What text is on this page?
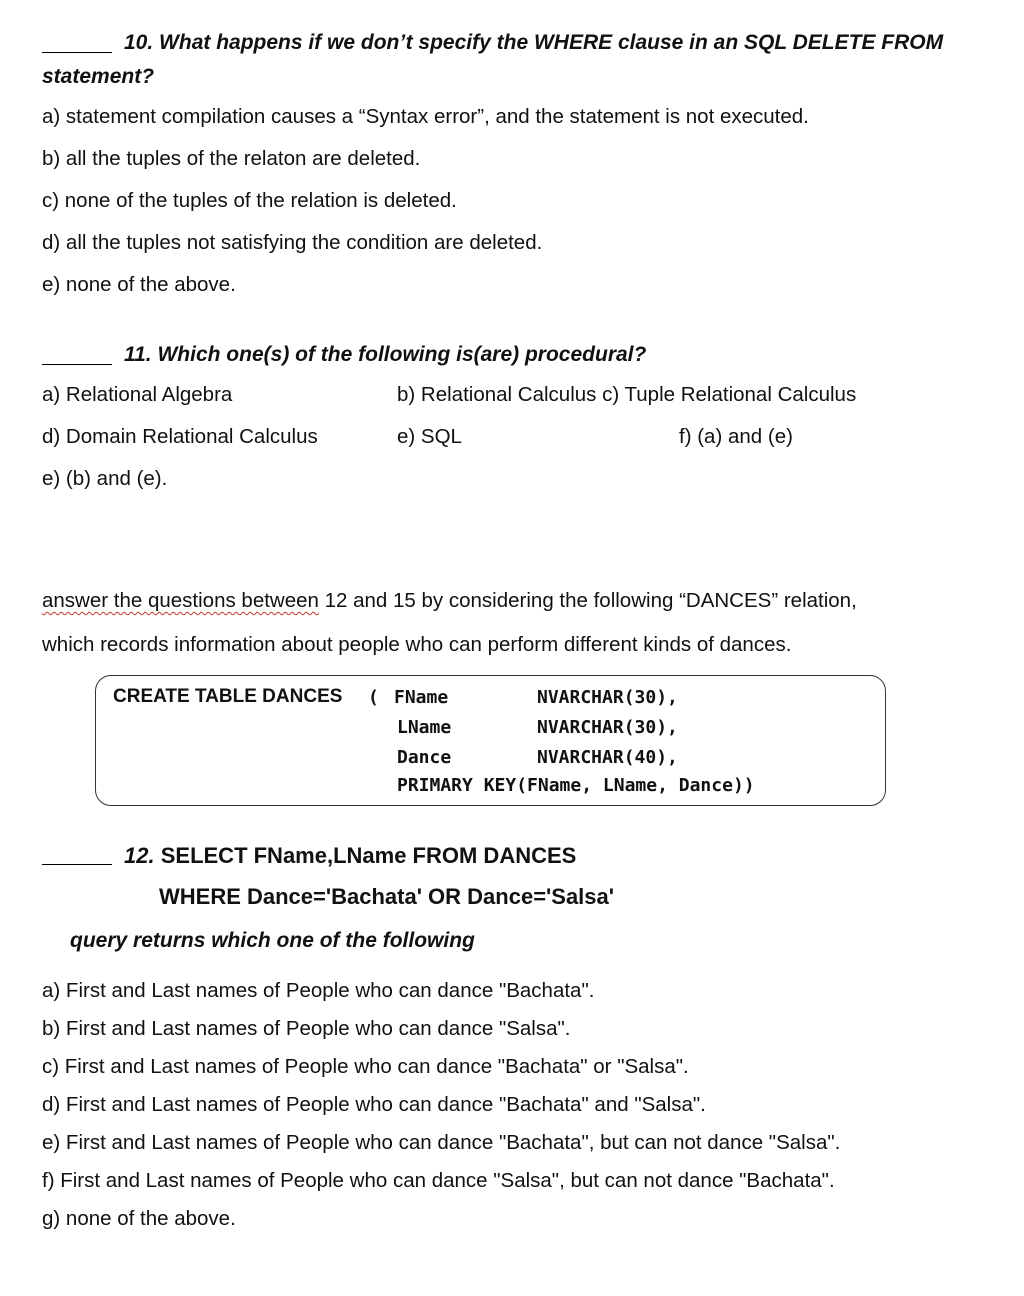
10. What happens if we don’t specify the WHERE clause in an SQL DELETE FROM
statement?
a) statement compilation causes a “Syntax error”, and the statement is not executed.
b) all the tuples of the relaton are deleted.
c) none of the tuples of the relation is deleted.
d) all the tuples not satisfying the condition are deleted.
e) none of the above.
11. Which one(s) of the following is(are) procedural?
a) Relational Algebra	b) Relational Calculus c) Tuple Relational Calculus
d) Domain Relational Calculus	e) SQL	f) (a) and (e)
e) (b) and (e).
answer the questions between 12 and 15 by considering the following “DANCES” relation,
which records information about people who can perform different kinds of dances.
CREATE TABLE DANCES ( FName	NVARCHAR(30),
LName	NVARCHAR(30),
Dance	NVARCHAR(40),
PRIMARY KEY(FName, LName, Dance))
12. SELECT FName,LName FROM DANCES
WHERE Dance='Bachata' OR Dance='Salsa'
query returns which one of the following
a) First and Last names of People who can dance "Bachata".
b) First and Last names of People who can dance "Salsa".
c) First and Last names of People who can dance "Bachata" or "Salsa".
d) First and Last names of People who can dance "Bachata" and "Salsa".
e) First and Last names of People who can dance "Bachata", but can not dance "Salsa".
f) First and Last names of People who can dance "Salsa", but can not dance "Bachata".
g) none of the above.
